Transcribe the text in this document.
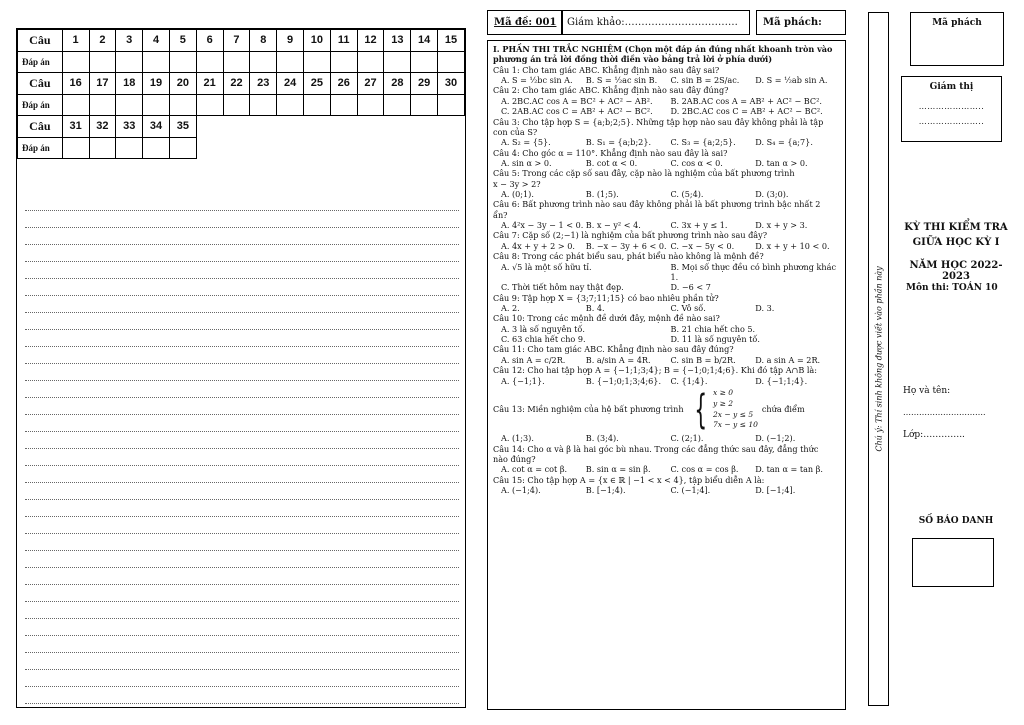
Câu	1	2	3	4	5	6	7	8	9	10	11	12	13	14	15
Đáp án															
Câu	16	17	18	19	20	21	22	23	24	25	26	27	28	29	30
Đáp án															
Câu	31	32	33	34	35										
Đáp án															
Mã đề: 001	Giám khảo:…………………………….	Mã phách:

I. PHẦN THI TRẮC NGHIỆM (Chọn một đáp án đúng nhất khoanh tròn vào phương án trả lời đồng thời điền vào bảng trả lời ở phía dưới)

Câu 1: Cho tam giác ABC. Khẳng định nào sau đây sai?

A. S = ½bc sin A.	B. S = ½ac sin B.	C. sin B = 2S/ac.	D. S = ½ab sin A.

Câu 2: Cho tam giác ABC. Khẳng định nào sau đây đúng?

A. 2BC.AC cos A = BC² + AC² − AB².	B. 2AB.AC cos A = AB² + AC² − BC².
C. 2AB.AC cos C = AB² + AC² − BC².	D. 2BC.AC cos C = AB² + AC² − BC².

Câu 3: Cho tập hợp S = {a;b;2;5}. Những tập hợp nào sau đây không phải là tập

con của S?

A. S₂ = {5}.	B. S₁ = {a;b;2}.	C. S₃ = {a;2;5}.	D. S₄ = {a;7}.

Câu 4: Cho góc α = 110°. Khẳng định nào sau đây là sai?

A. sin α > 0.	B. cot α < 0.	C. cos α < 0.	D. tan α > 0.

Câu 5: Trong các cặp số sau đây, cặp nào là nghiệm của bất phương trình

x − 3y > 2?

A. (0;1).	B. (1;5).	C. (5;4).	D. (3;0).

Câu 6: Bất phương trình nào sau đây không phải là bất phương trình bậc nhất 2

ẩn?

A. 4²x − 3y − 1 < 0. B. x − y² < 4.	C. 3x + y ≤ 1.	D. x + y > 3.

Câu 7: Cặp số (2;−1) là nghiệm của bất phương trình nào sau đây?

A. 4x + y + 2 > 0.	B. −x − 3y + 6 < 0. C. −x − 5y < 0.	D. x + y + 10 < 0.

Câu 8: Trong các phát biểu sau, phát biểu nào không là mệnh đề?

A. √5 là một số hữu tỉ.	B. Mọi số thực đều có bình phương khác 1.
C. Thời tiết hôm nay thật đẹp.	D. −6 < 7

Câu 9: Tập hợp X = {3;7;11;15} có bao nhiêu phần tử?

A. 2.	B. 4.	C. Vô số.	D. 3.

Câu 10: Trong các mệnh đề dưới đây, mệnh đề nào sai?

A. 3 là số nguyên tố.	B. 21 chia hết cho 5.
C. 63 chia hết cho 9.	D. 11 là số nguyên tố.

Câu 11: Cho tam giác ABC. Khẳng định nào sau đây đúng?

A. sin A = c/2R.	B. a/sin A = 4R.	C. sin B = b/2R.	D. a sin A = 2R.

Câu 12: Cho hai tập hợp A = {−1;1;3;4}; B = {−1;0;1;4;6}. Khi đó tập A∩B là:

A. {−1;1}.	B. {−1;0;1;3;4;6}.	C. {1;4}.	D. {−1;1;4}.

Câu 13: Miền nghiệm của hệ bất phương trình { x ≥ 0
y ≥ 2
2x − y ≤ 5
7x − y ≤ 10
chứa điểm

A. (1;3).	B. (3;4).	C. (2;1).	D. (−1;2).

Câu 14: Cho α và β là hai góc bù nhau. Trong các đẳng thức sau đây, đẳng thức

nào đúng?

A. cot α = cot β.	B. sin α = sin β.	C. cos α = cos β.	D. tan α = tan β.

Câu 15: Cho tập hợp A = {x ∈ ℝ | −1 < x < 4}, tập biểu diễn A là:

A. (−1;4).	B. [−1;4).	C. (−1;4].	D. [−1;4].
Chú ý: Thí sinh không được viết vào phần này
Mã phách
Giám thị
…………………..
…………………..
KỲ THI KIỂM TRA
GIỮA HỌC KỲ I
NĂM HỌC 2022-2023
Môn thi: TOÁN 10
Họ và tên:
………………………….
Lớp:…………..
SỐ BÁO DANH
